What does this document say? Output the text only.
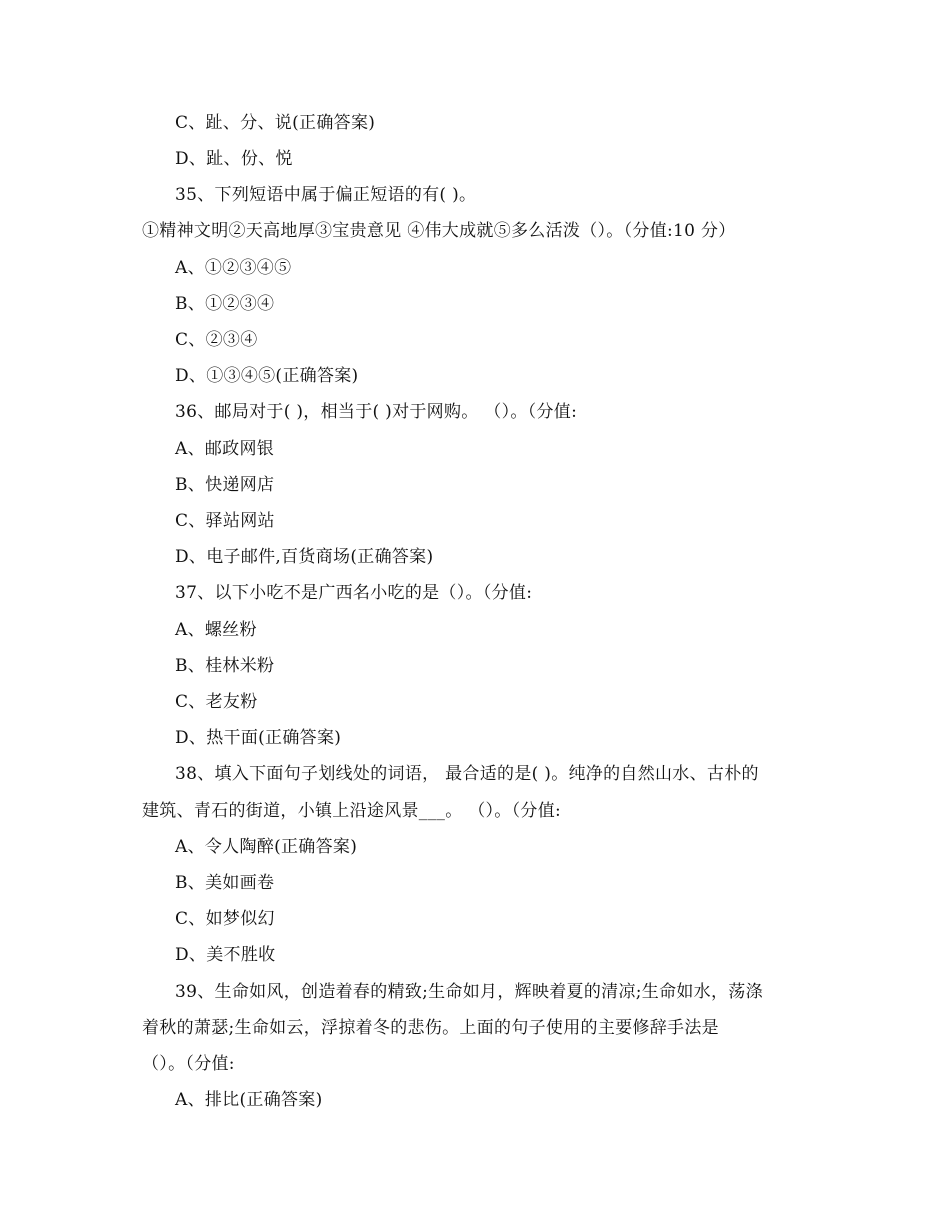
C、趾、分、说(正确答案)
D、趾、份、悦
35、下列短语中属于偏正短语的有( )。
①精神文明②天高地厚③宝贵意见 ④伟大成就⑤多么活泼（）。（分值:10 分）
A、①②③④⑤
B、①②③④
C、②③④
D、①③④⑤(正确答案)
36、邮局对于( )，相当于( )对于网购。 （）。（分值:
A、邮政网银
B、快递网店
C、驿站网站
D、电子邮件,百货商场(正确答案)
37、以下小吃不是广西名小吃的是（）。（分值:
A、螺丝粉
B、桂林米粉
C、老友粉
D、热干面(正确答案)
38、填入下面句子划线处的词语， 最合适的是( )。纯净的自然山水、古朴的
建筑、青石的街道，小镇上沿途风景___。 （）。（分值:
A、令人陶醉(正确答案)
B、美如画卷
C、如梦似幻
D、美不胜收
39、生命如风，创造着春的精致;生命如月，辉映着夏的清凉;生命如水，荡涤
着秋的萧瑟;生命如云，浮掠着冬的悲伤。上面的句子使用的主要修辞手法是
（）。（分值:
A、排比(正确答案)
